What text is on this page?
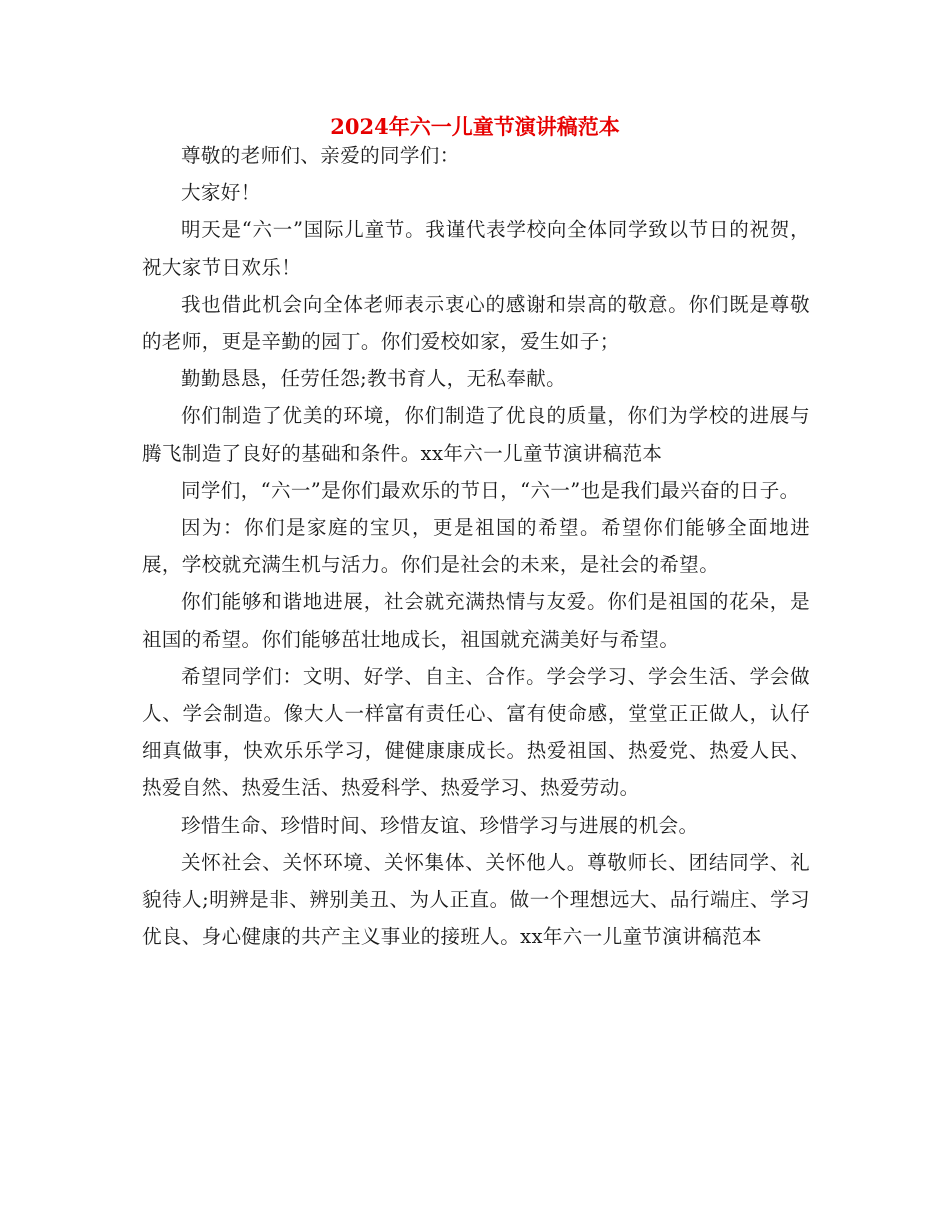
2024年六一儿童节演讲稿范本

尊敬的老师们、亲爱的同学们：

大家好！

明天是“六一”国际儿童节。我谨代表学校向全体同学致以节日的祝贺，祝大家节日欢乐！

我也借此机会向全体老师表示衷心的感谢和崇高的敬意。你们既是尊敬的老师，更是辛勤的园丁。你们爱校如家，爱生如子；

勤勤恳恳，任劳任怨;教书育人，无私奉献。

你们制造了优美的环境，你们制造了优良的质量，你们为学校的进展与腾飞制造了良好的基础和条件。xx年六一儿童节演讲稿范本

同学们，“六一”是你们最欢乐的节日，“六一”也是我们最兴奋的日子。

因为：你们是家庭的宝贝，更是祖国的希望。希望你们能够全面地进展，学校就充满生机与活力。你们是社会的未来，是社会的希望。

你们能够和谐地进展，社会就充满热情与友爱。你们是祖国的花朵，是祖国的希望。你们能够茁壮地成长，祖国就充满美好与希望。

希望同学们：文明、好学、自主、合作。学会学习、学会生活、学会做人、学会制造。像大人一样富有责任心、富有使命感，堂堂正正做人，认仔细真做事，快欢乐乐学习，健健康康成长。热爱祖国、热爱党、热爱人民、热爱自然、热爱生活、热爱科学、热爱学习、热爱劳动。

珍惜生命、珍惜时间、珍惜友谊、珍惜学习与进展的机会。

关怀社会、关怀环境、关怀集体、关怀他人。尊敬师长、团结同学、礼貌待人;明辨是非、辨别美丑、为人正直。做一个理想远大、品行端庄、学习优良、身心健康的共产主义事业的接班人。xx年六一儿童节演讲稿范本
